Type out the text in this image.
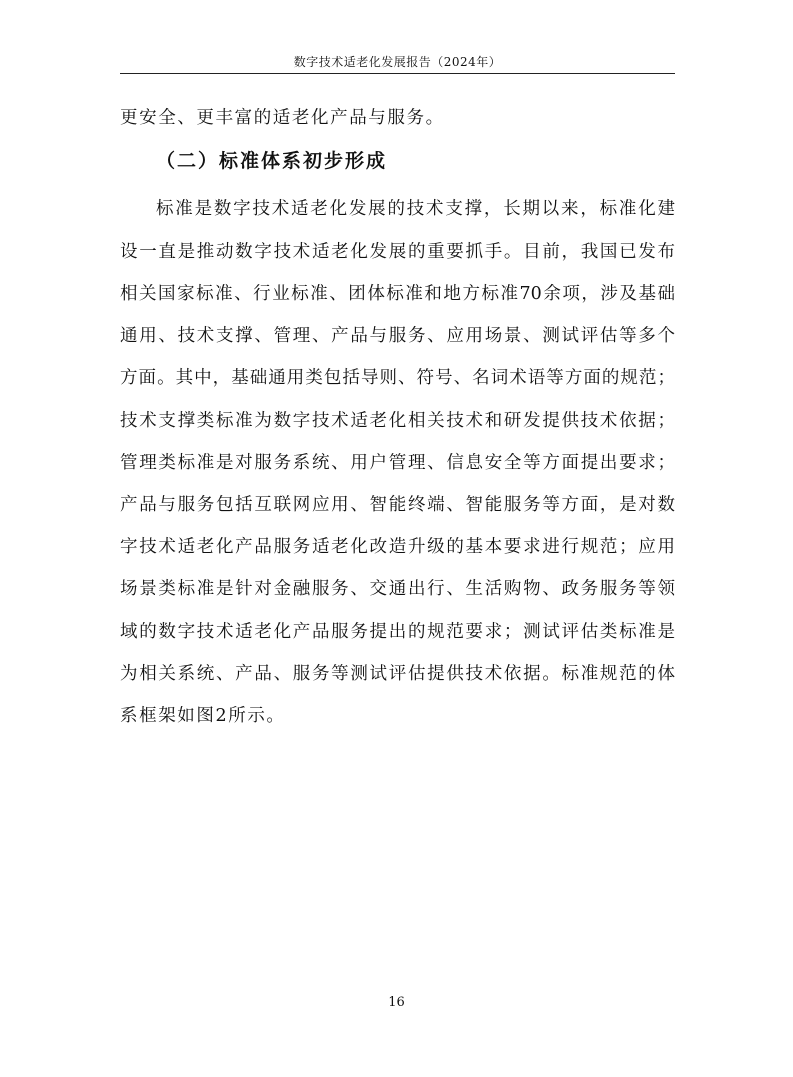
数字技术适老化发展报告（2024年）
更安全、更丰富的适老化产品与服务。
（二）标准体系初步形成
标准是数字技术适老化发展的技术支撑，长期以来，标准化建
设一直是推动数字技术适老化发展的重要抓手。目前，我国已发布
相关国家标准、行业标准、团体标准和地方标准70余项，涉及基础
通用、技术支撑、管理、产品与服务、应用场景、测试评估等多个
方面。其中，基础通用类包括导则、符号、名词术语等方面的规范；
技术支撑类标准为数字技术适老化相关技术和研发提供技术依据；
管理类标准是对服务系统、用户管理、信息安全等方面提出要求；
产品与服务包括互联网应用、智能终端、智能服务等方面，是对数
字技术适老化产品服务适老化改造升级的基本要求进行规范；应用
场景类标准是针对金融服务、交通出行、生活购物、政务服务等领
域的数字技术适老化产品服务提出的规范要求；测试评估类标准是
为相关系统、产品、服务等测试评估提供技术依据。标准规范的体
系框架如图2所示。
16
